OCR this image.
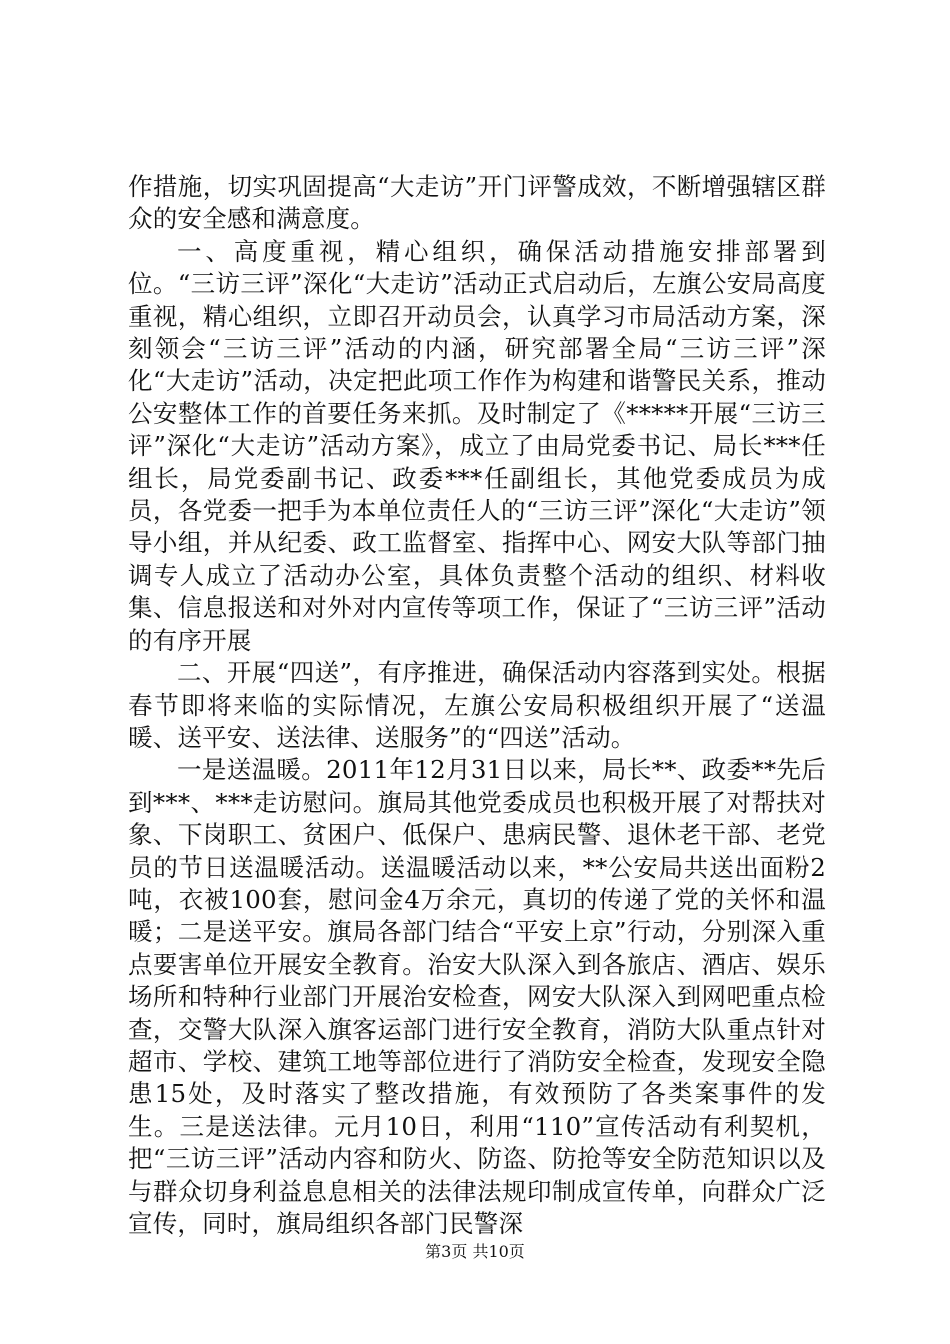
作措施，切实巩固提高“大走访”开门评警成效，不断增强辖区群众的安全感和满意度。

一、高度重视，精心组织，确保活动措施安排部署到位。“三访三评”深化“大走访”活动正式启动后，左旗公安局高度重视，精心组织，立即召开动员会，认真学习市局活动方案，深刻领会“三访三评”活动的内涵，研究部署全局“三访三评”深化“大走访”活动，决定把此项工作作为构建和谐警民关系，推动公安整体工作的首要任务来抓。及时制定了《*****开展“三访三评”深化“大走访”活动方案》，成立了由局党委书记、局长***任组长，局党委副书记、政委***任副组长，其他党委成员为成员，各党委一把手为本单位责任人的“三访三评”深化“大走访”领导小组，并从纪委、政工监督室、指挥中心、网安大队等部门抽调专人成立了活动办公室，具体负责整个活动的组织、材料收集、信息报送和对外对内宣传等项工作，保证了“三访三评”活动的有序开展

二、开展“四送”，有序推进，确保活动内容落到实处。根据春节即将来临的实际情况，左旗公安局积极组织开展了“送温暖、送平安、送法律、送服务”的“四送”活动。

一是送温暖。2011年12月31日以来，局长**、政委**先后到***、***走访慰问。旗局其他党委成员也积极开展了对帮扶对象、下岗职工、贫困户、低保户、患病民警、退休老干部、老党员的节日送温暖活动。送温暖活动以来，**公安局共送出面粉2吨，衣被100套，慰问金4万余元，真切的传递了党的关怀和温暖；二是送平安。旗局各部门结合“平安上京”行动，分别深入重点要害单位开展安全教育。治安大队深入到各旅店、酒店、娱乐场所和特种行业部门开展治安检查，网安大队深入到网吧重点检查，交警大队深入旗客运部门进行安全教育，消防大队重点针对超市、学校、建筑工地等部位进行了消防安全检查，发现安全隐患15处，及时落实了整改措施，有效预防了各类案事件的发生。三是送法律。元月10日，利用“110”宣传活动有利契机，把“三访三评”活动内容和防火、防盗、防抢等安全防范知识以及与群众切身利益息息相关的法律法规印制成宣传单，向群众广泛宣传，同时，旗局组织各部门民警深

第3页 共10页
